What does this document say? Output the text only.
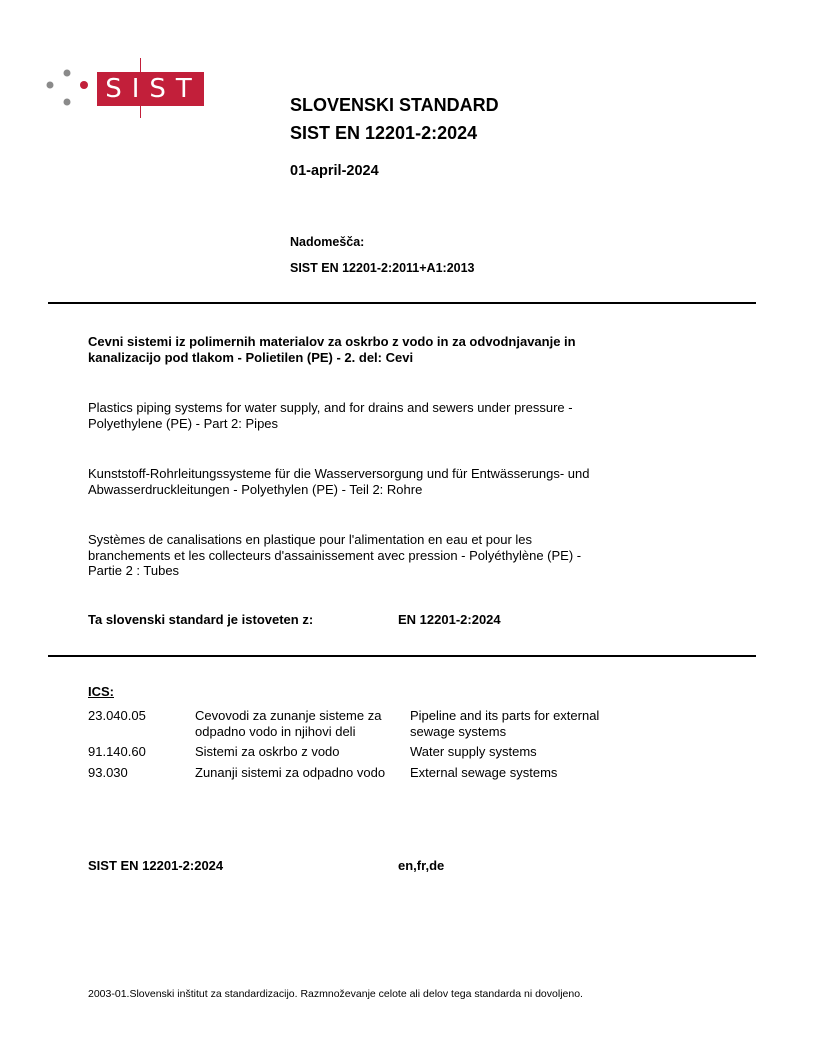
SIST
SLOVENSKI STANDARD
SIST EN 12201-2:2024
01-april-2024
Nadomešča:
SIST EN 12201-2:2011+A1:2013
Cevni sistemi iz polimernih materialov za oskrbo z vodo in za odvodnjavanje in
kanalizacijo pod tlakom - Polietilen (PE) - 2. del: Cevi
Plastics piping systems for water supply, and for drains and sewers under pressure -
Polyethylene (PE) - Part 2: Pipes
Kunststoff-Rohrleitungssysteme für die Wasserversorgung und für Entwässerungs- und
Abwasserdruckleitungen - Polyethylen (PE) - Teil 2: Rohre
Systèmes de canalisations en plastique pour l'alimentation en eau et pour les
branchements et les collecteurs d'assainissement avec pression - Polyéthylène (PE) -
Partie 2 : Tubes
Ta slovenski standard je istoveten z:	EN 12201-2:2024
ICS:
23.040.05	Cevovodi za zunanje sisteme za odpadno vodo in njihovi deli	Pipeline and its parts for external sewage systems
91.140.60	Sistemi za oskrbo z vodo	Water supply systems
93.030	Zunanji sistemi za odpadno vodo	External sewage systems
SIST EN 12201-2:2024	en,fr,de
2003-01.Slovenski inštitut za standardizacijo. Razmnoževanje celote ali delov tega standarda ni dovoljeno.
